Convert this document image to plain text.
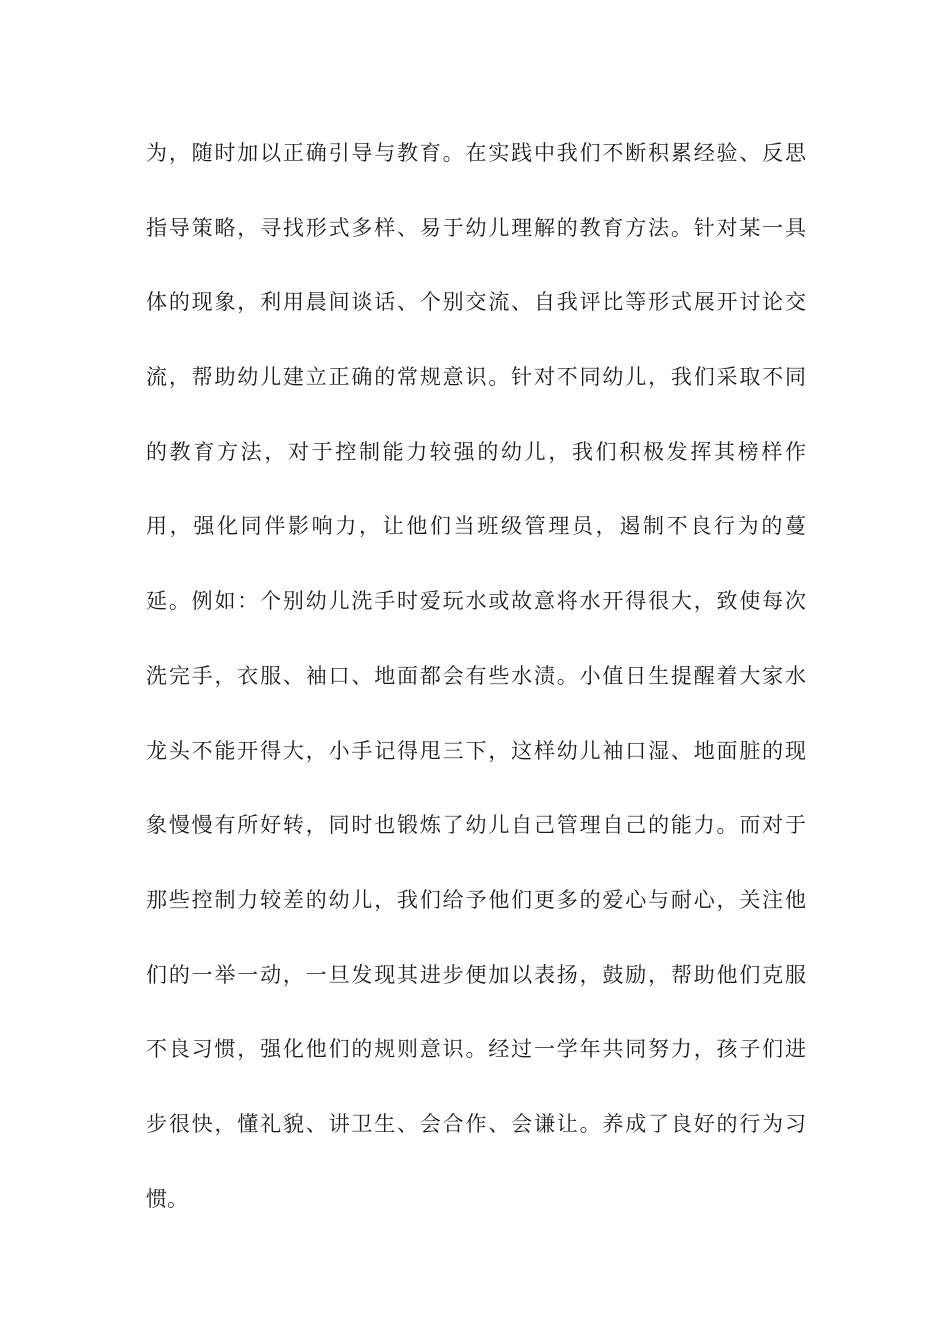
为，随时加以正确引导与教育。在实践中我们不断积累经验、反思
指导策略，寻找形式多样、易于幼儿理解的教育方法。针对某一具
体的现象，利用晨间谈话、个别交流、自我评比等形式展开讨论交
流，帮助幼儿建立正确的常规意识。针对不同幼儿，我们采取不同
的教育方法，对于控制能力较强的幼儿，我们积极发挥其榜样作
用，强化同伴影响力，让他们当班级管理员，遏制不良行为的蔓
延。例如：个别幼儿洗手时爱玩水或故意将水开得很大，致使每次
洗完手，衣服、袖口、地面都会有些水渍。小值日生提醒着大家水
龙头不能开得大，小手记得甩三下，这样幼儿袖口湿、地面脏的现
象慢慢有所好转，同时也锻炼了幼儿自己管理自己的能力。而对于
那些控制力较差的幼儿，我们给予他们更多的爱心与耐心，关注他
们的一举一动，一旦发现其进步便加以表扬，鼓励，帮助他们克服
不良习惯，强化他们的规则意识。经过一学年共同努力，孩子们进
步很快，懂礼貌、讲卫生、会合作、会谦让。养成了良好的行为习
惯。
